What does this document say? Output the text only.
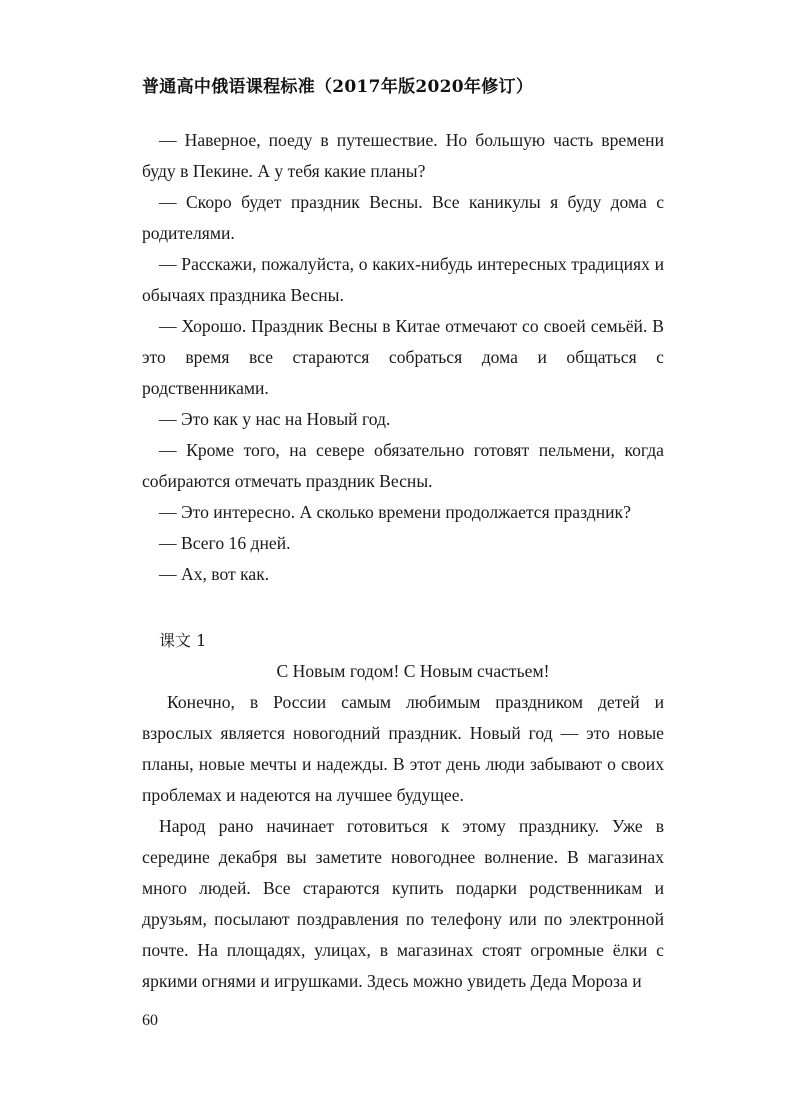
普通高中俄语课程标准（2017年版2020年修订）

— Наверное, поеду в путешествие. Но большую часть времени буду в Пекине. А у тебя какие планы?

— Скоро будет праздник Весны. Все каникулы я буду дома с родителями.

— Расскажи, пожалуйста, о каких-нибудь интересных традициях и обычаях праздника Весны.

— Хорошо. Праздник Весны в Китае отмечают со своей семьёй. В это время все стараются собраться дома и общаться с родственниками.

— Это как у нас на Новый год.

— Кроме того, на севере обязательно готовят пельмени, когда собираются отмечать праздник Весны.

— Это интересно. А сколько времени продолжается праздник?

— Всего 16 дней.

— Ах, вот как.

课文 1

С Новым годом! С Новым счастьем!

Конечно, в России самым любимым праздником детей и взрослых является новогодний праздник. Новый год — это новые планы, новые мечты и надежды. В этот день люди забывают о своих проблемах и надеются на лучшее будущее.

Народ рано начинает готовиться к этому празднику. Уже в середине декабря вы заметите новогоднее волнение. В магазинах много людей. Все стараются купить подарки родственникам и друзьям, посылают поздравления по телефону или по электронной почте. На площадях, улицах, в магазинах стоят огромные ёлки с яркими огнями и игрушками. Здесь можно увидеть Деда Мороза и

60
